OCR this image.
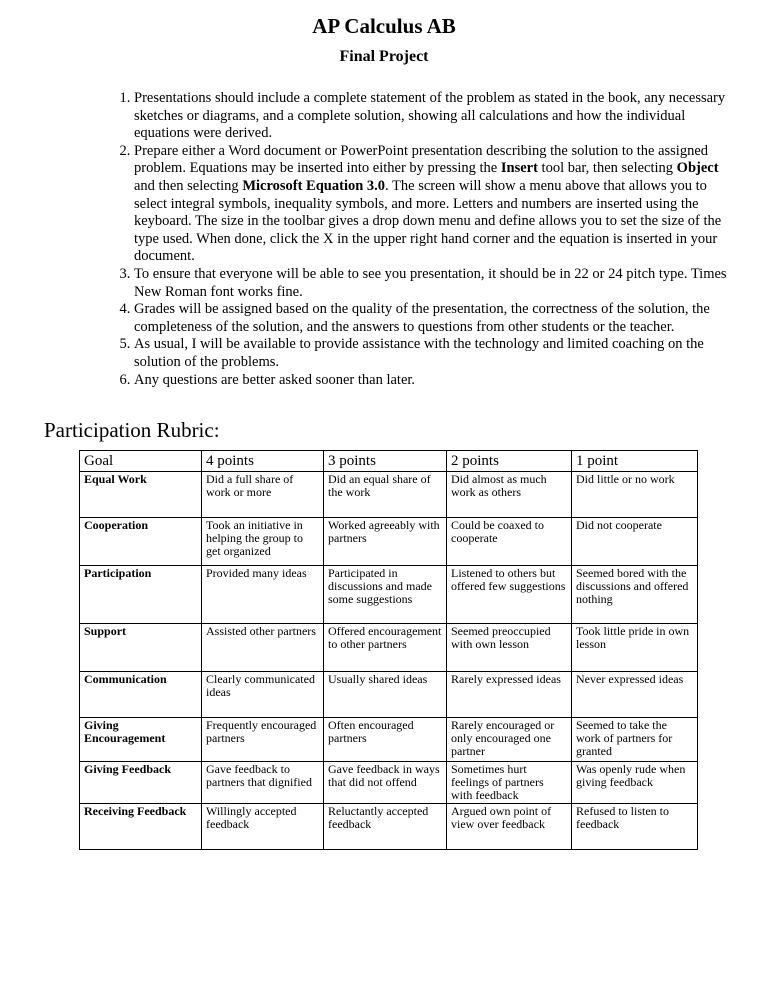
AP Calculus AB
Final Project
1. Presentations should include a complete statement of the problem as stated in the book, any necessary sketches or diagrams, and a complete solution, showing all calculations and how the individual equations were derived.
2. Prepare either a Word document or PowerPoint presentation describing the solution to the assigned problem. Equations may be inserted into either by pressing the Insert tool bar, then selecting Object and then selecting Microsoft Equation 3.0. The screen will show a menu above that allows you to select integral symbols, inequality symbols, and more. Letters and numbers are inserted using the keyboard. The size in the toolbar gives a drop down menu and define allows you to set the size of the type used. When done, click the X in the upper right hand corner and the equation is inserted in your document.
3. To ensure that everyone will be able to see you presentation, it should be in 22 or 24 pitch type. Times New Roman font works fine.
4. Grades will be assigned based on the quality of the presentation, the correctness of the solution, the completeness of the solution, and the answers to questions from other students or the teacher.
5. As usual, I will be available to provide assistance with the technology and limited coaching on the solution of the problems.
6. Any questions are better asked sooner than later.
Participation Rubric:
Goal	4 points	3 points	2 points	1 point
Equal Work	Did a full share of work or more	Did an equal share of the work	Did almost as much work as others	Did little or no work
Cooperation	Took an initiative in helping the group to get organized	Worked agreeably with partners	Could be coaxed to cooperate	Did not cooperate
Participation	Provided many ideas	Participated in discussions and made some suggestions	Listened to others but offered few suggestions	Seemed bored with the discussions and offered nothing
Support	Assisted other partners	Offered encouragement to other partners	Seemed preoccupied with own lesson	Took little pride in own lesson
Communication	Clearly communicated ideas	Usually shared ideas	Rarely expressed ideas	Never expressed ideas
Giving Encouragement	Frequently encouraged partners	Often encouraged partners	Rarely encouraged or only encouraged one partner	Seemed to take the work of partners for granted
Giving Feedback	Gave feedback to partners that dignified	Gave feedback in ways that did not offend	Sometimes hurt feelings of partners with feedback	Was openly rude when giving feedback
Receiving Feedback	Willingly accepted feedback	Reluctantly accepted feedback	Argued own point of view over feedback	Refused to listen to feedback
